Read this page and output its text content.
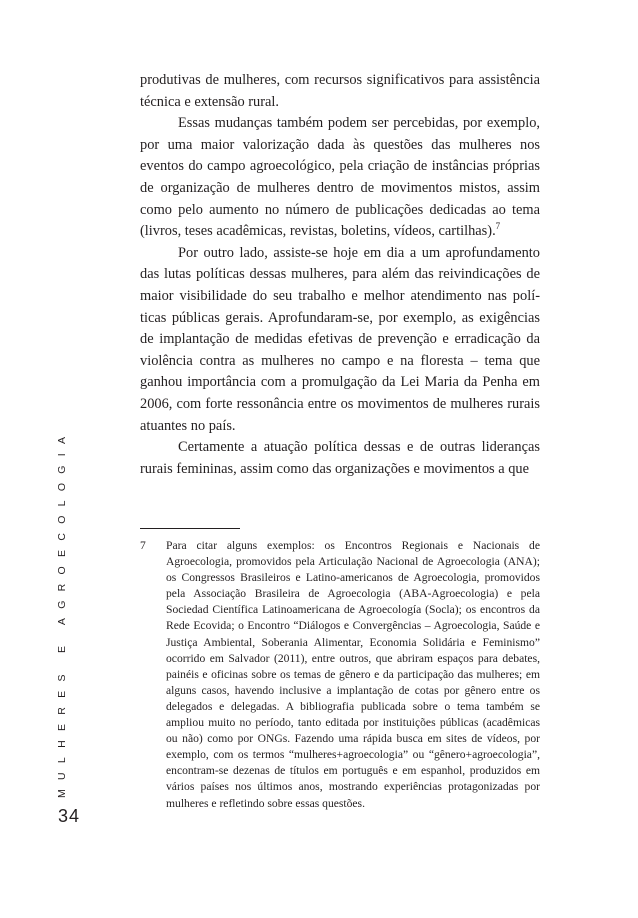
produtivas de mulheres, com recursos significativos para assistência técnica e extensão rural.

Essas mudanças também podem ser percebidas, por exemplo, por uma maior valorização dada às questões das mulheres nos eventos do campo agroecológico, pela criação de instâncias próprias de organização de mulheres dentro de movimentos mistos, assim como pelo aumento no número de publicações dedicadas ao tema (livros, teses acadêmicas, revistas, boletins, vídeos, cartilhas).$^7$

Por outro lado, assiste-se hoje em dia a um aprofundamento das lutas políticas dessas mulheres, para além das reivindicações de maior visibilidade do seu trabalho e melhor atendimento nas políticas públicas gerais. Aprofundaram-se, por exemplo, as exigências de implantação de medidas efetivas de prevenção e erradicação da violência contra as mulheres no campo e na floresta – tema que ganhou importância com a promulgação da Lei Maria da Penha em 2006, com forte ressonância entre os movimentos de mulheres rurais atuantes no país.

Certamente a atuação política dessas e de outras lideranças rurais femininas, assim como das organizações e movimentos a que

7 Para citar alguns exemplos: os Encontros Regionais e Nacionais de Agroecologia, promovidos pela Articulação Nacional de Agroecologia (ANA); os Congressos Brasileiros e Latino-americanos de Agroecologia, promovidos pela Associação Brasileira de Agroecologia (ABA-Agroecologia) e pela Sociedad Científica Latinoamericana de Agroecología (Socla); os encontros da Rede Ecovida; o Encontro “Diálogos e Convergências – Agroecologia, Saúde e Justiça Ambiental, Soberania Alimentar, Economia Solidária e Feminismo” ocorrido em Salvador (2011), entre outros, que abriram espaços para debates, painéis e oficinas sobre os temas de gênero e da participação das mulheres; em alguns casos, havendo inclusive a implantação de cotas por gênero entre os delegados e delegadas. A bibliografia publicada sobre o tema também se ampliou muito no período, tanto editada por instituições públicas (acadêmicas ou não) como por ONGs. Fazendo uma rápida busca em sites de vídeos, por exemplo, com os termos “mulheres+agroecologia” ou “gênero+agroecologia”, encontram-se dezenas de títulos em português e em espanhol, produzidos em vários países nos últimos anos, mostrando experiências protagonizadas por mulheres e refletindo sobre essas questões.
MULHERES E AGROECOLOGIA
34
